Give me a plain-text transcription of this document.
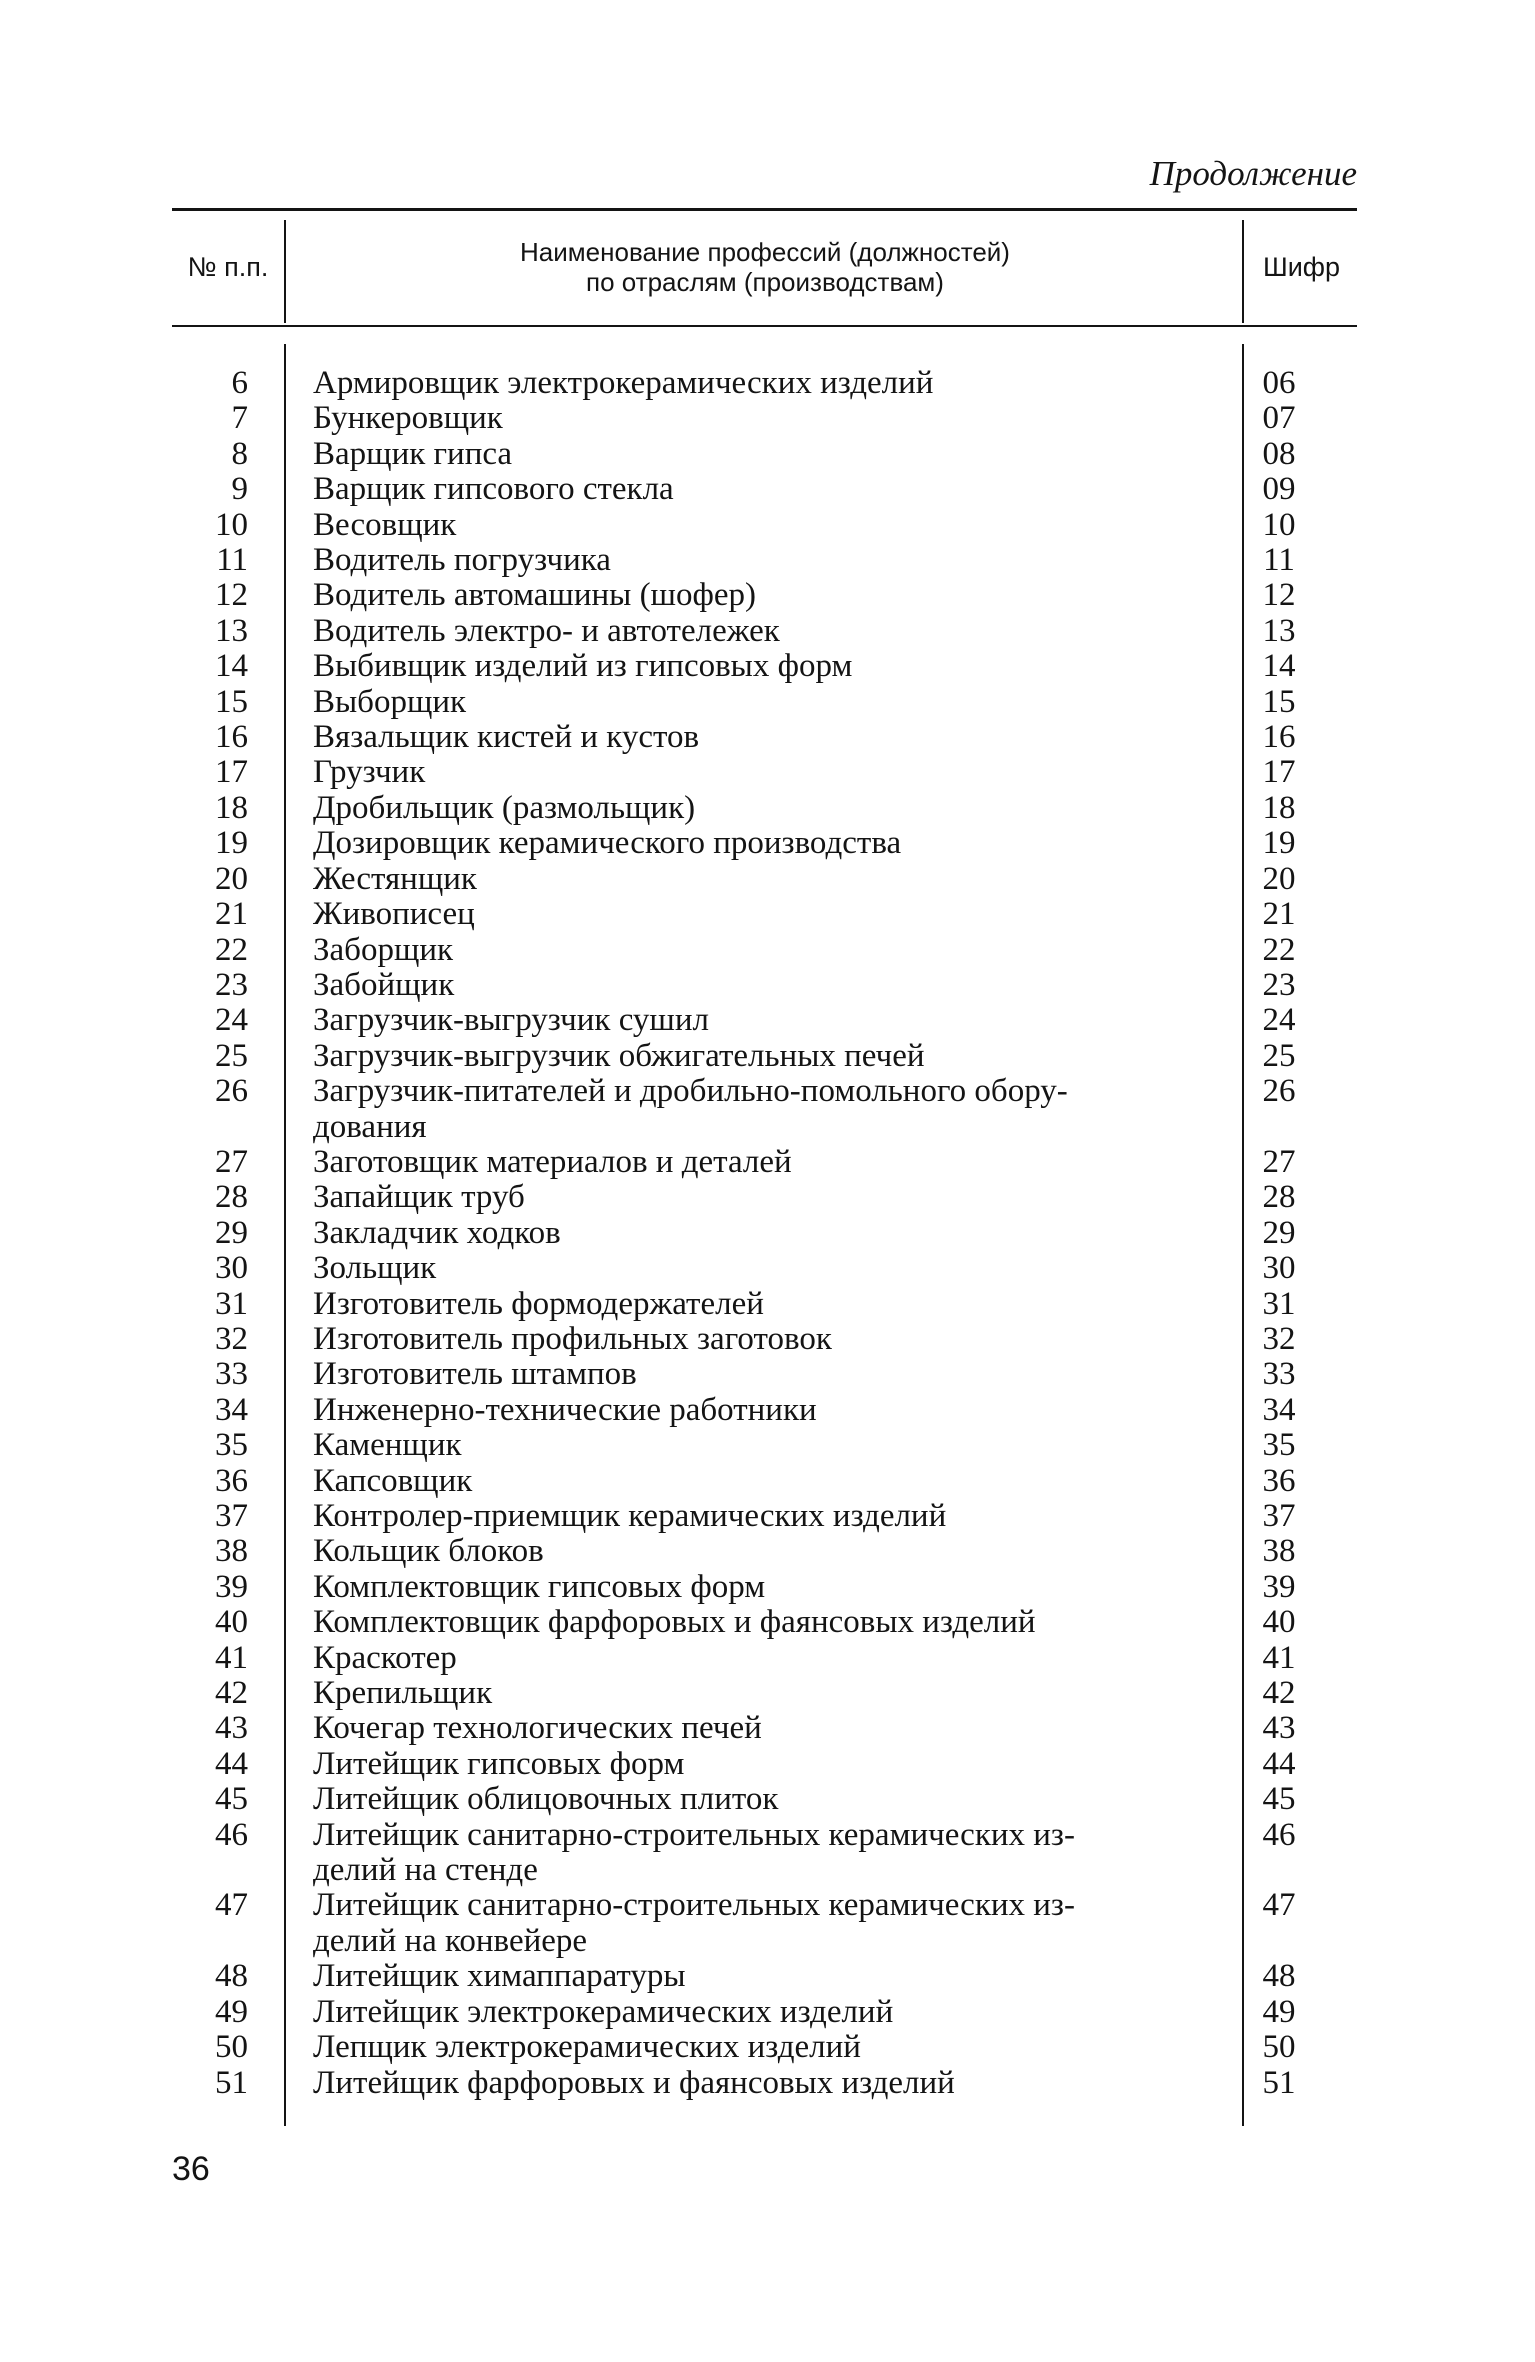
Продолжение
№ п.п.	Наименование профессий (должностей)
по отраслям (производствам)
Шифр
6 Армировщик электрокерамических изделий	06
7 Бункеровщик	07
8 Варщик гипса	08
9 Варщик гипсового стекла	09
10 Весовщик	10
11 Водитель погрузчика	11
12 Водитель автомашины (шофер)	12
13 Водитель электро- и автотележек	13
14 Выбивщик изделий из гипсовых форм	14
15 Выборщик	15
16 Вязальщик кистей и кустов	16
17 Грузчик	17
18 Дробильщик (размольщик)	18
19 Дозировщик керамического производства	19
20 Жестянщик	20
21 Живописец	21
22 Заборщик	22
23 Забойщик	23
24 Загрузчик-выгрузчик сушил	24
25 Загрузчик-выгрузчик обжигательных печей	25
26 Загрузчик-питателей и дробильно-помольного обору-	26
дования
27 Заготовщик материалов и деталей	27
28 Запайщик труб	28
29 Закладчик ходков	29
30 Зольщик	30
31 Изготовитель формодержателей	31
32 Изготовитель профильных заготовок	32
33 Изготовитель штампов	33
34 Инженерно-технические работники	34
35 Каменщик	35
36 Капсовщик	36
37 Контролер-приемщик керамических изделий	37
38 Кольщик блоков	38
39 Комплектовщик гипсовых форм	39
40 Комплектовщик фарфоровых и фаянсовых изделий	40
41 Краскотер	41
42 Крепильщик	42
43 Кочегар технологических печей	43
44 Литейщик гипсовых форм	44
45 Литейщик облицовочных плиток	45
46 Литейщик санитарно-строительных керамических из-	46
делий на стенде
47 Литейщик санитарно-строительных керамических из-	47
делий на конвейере
48 Литейщик химаппаратуры	48
49 Литейщик электрокерамических изделий	49
50 Лепщик электрокерамических изделий	50
51 Литейщик фарфоровых и фаянсовых изделий	51
36
